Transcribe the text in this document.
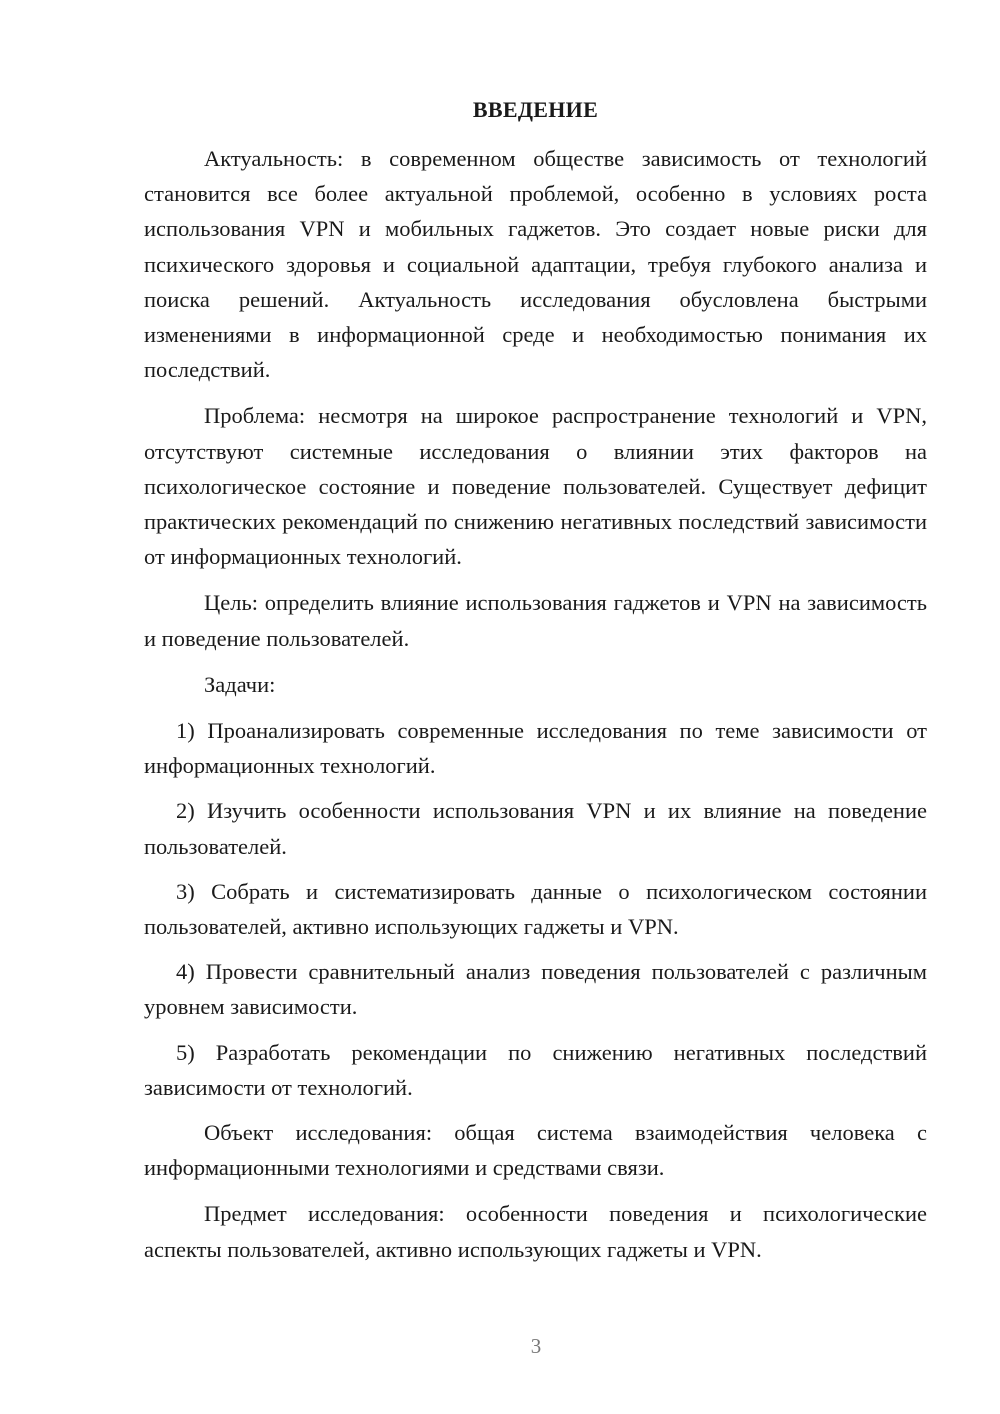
ВВЕДЕНИЕ

Актуальность: в современном обществе зависимость от технологий становится все более актуальной проблемой, особенно в условиях роста использования VPN и мобильных гаджетов. Это создает новые риски для психического здоровья и социальной адаптации, требуя глубокого анализа и поиска решений. Актуальность исследования обусловлена быстрыми изменениями в информационной среде и необходимостью понимания их последствий.

Проблема: несмотря на широкое распространение технологий и VPN, отсутствуют системные исследования о влиянии этих факторов на психологическое состояние и поведение пользователей. Существует дефицит практических рекомендаций по снижению негативных последствий зависимости от информационных технологий.

Цель: определить влияние использования гаджетов и VPN на зависимость и поведение пользователей.

Задачи:

1) Проанализировать современные исследования по теме зависимости от информационных технологий.

2) Изучить особенности использования VPN и их влияние на поведение пользователей.

3) Собрать и систематизировать данные о психологическом состоянии пользователей, активно использующих гаджеты и VPN.

4) Провести сравнительный анализ поведения пользователей с различным уровнем зависимости.

5) Разработать рекомендации по снижению негативных последствий зависимости от технологий.

Объект исследования: общая система взаимодействия человека с информационными технологиями и средствами связи.

Предмет исследования: особенности поведения и психологические аспекты пользователей, активно использующих гаджеты и VPN.

3
